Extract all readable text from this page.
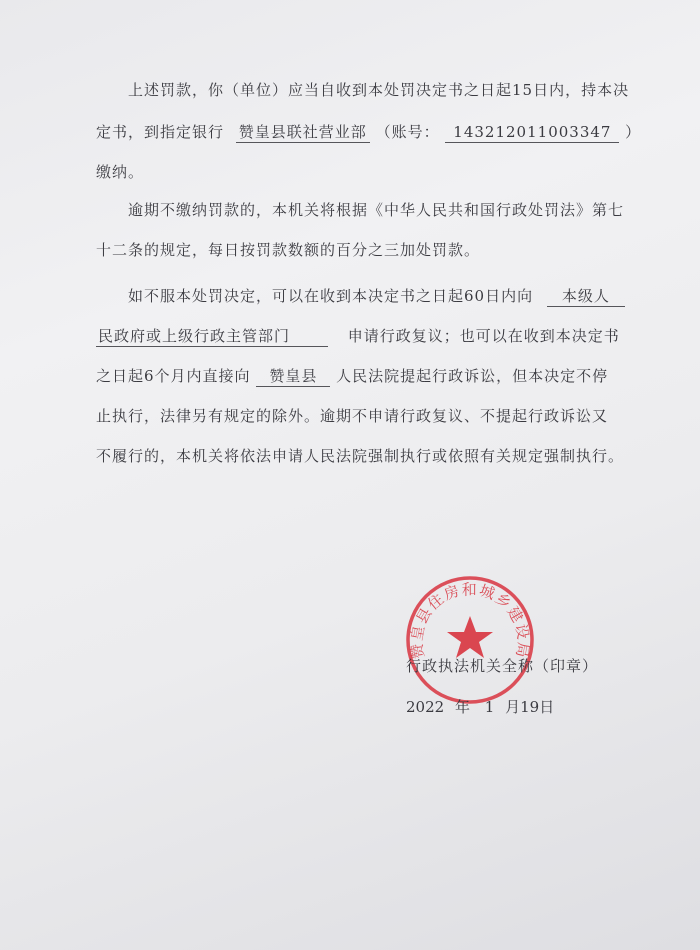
上述罚款，你（单位）应当自收到本处罚决定书之日起15日内，持本决
定书，到指定银行 赞皇县联社营业部 （账号： 143212011003347 ）
缴纳。
逾期不缴纳罚款的，本机关将根据《中华人民共和国行政处罚法》第七
十二条的规定，每日按罚款数额的百分之三加处罚款。
如不服本处罚决定，可以在收到本决定书之日起60日内向 本级人
民政府或上级行政主管部门	申请行政复议；也可以在收到本决定书
之日起6个月内直接向 赞皇县 人民法院提起行政诉讼，但本决定不停
止执行，法律另有规定的除外。逾期不申请行政复议、不提起行政诉讼又
不履行的，本机关将依法申请人民法院强制执行或依照有关规定强制执行。
赞皇县住房和城乡建设局
行政执法机关全称（印章）
2022 年 1 月19日
